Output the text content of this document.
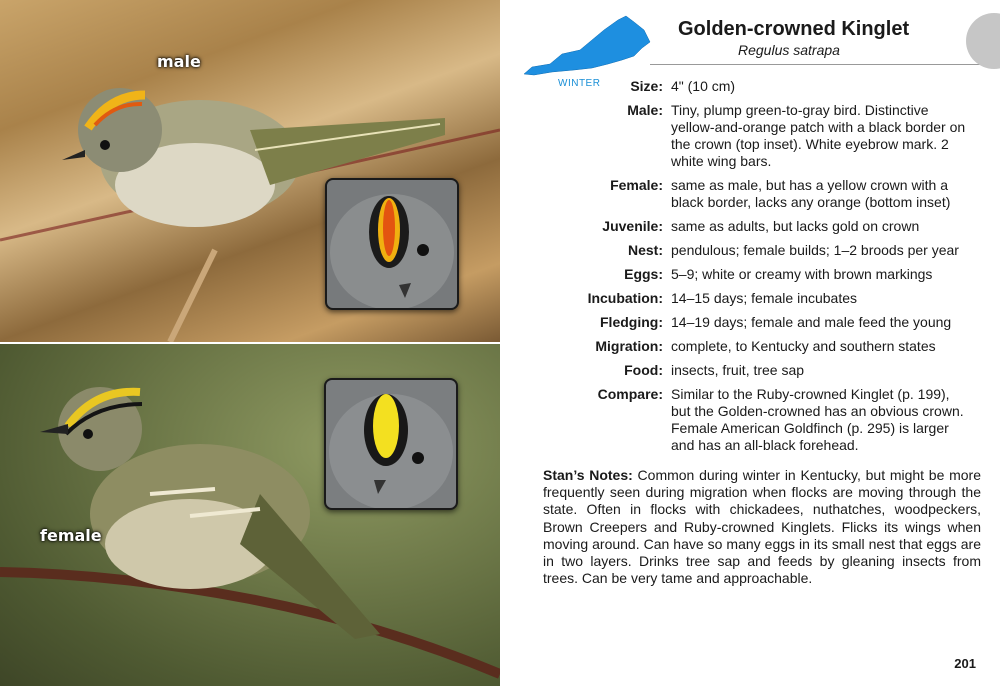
male
female
WINTER
Golden-crowned Kinglet
Regulus satrapa
Size: 4" (10 cm)
Male: Tiny, plump green-to-gray bird. Distinctive yellow-and-orange patch with a black border on the crown (top inset). White eyebrow mark. 2 white wing bars.
Female: same as male, but has a yellow crown with a black border, lacks any orange (bottom inset)
Juvenile: same as adults, but lacks gold on crown
Nest: pendulous; female builds; 1–2 broods per year
Eggs: 5–9; white or creamy with brown markings
Incubation: 14–15 days; female incubates
Fledging: 14–19 days; female and male feed the young
Migration: complete, to Kentucky and southern states
Food: insects, fruit, tree sap
Compare: Similar to the Ruby-crowned Kinglet (p. 199), but the Golden-crowned has an obvious crown. Female American Goldfinch (p. 295) is larger and has an all-black forehead.
Stan’s Notes: Common during winter in Kentucky, but might be more frequently seen during migration when flocks are moving through the state. Often in flocks with chickadees, nuthatches, woodpeckers, Brown Creepers and Ruby-crowned Kinglets. Flicks its wings when moving around. Can have so many eggs in its small nest that eggs are in two layers. Drinks tree sap and feeds by gleaning insects from trees. Can be very tame and approachable.
201
